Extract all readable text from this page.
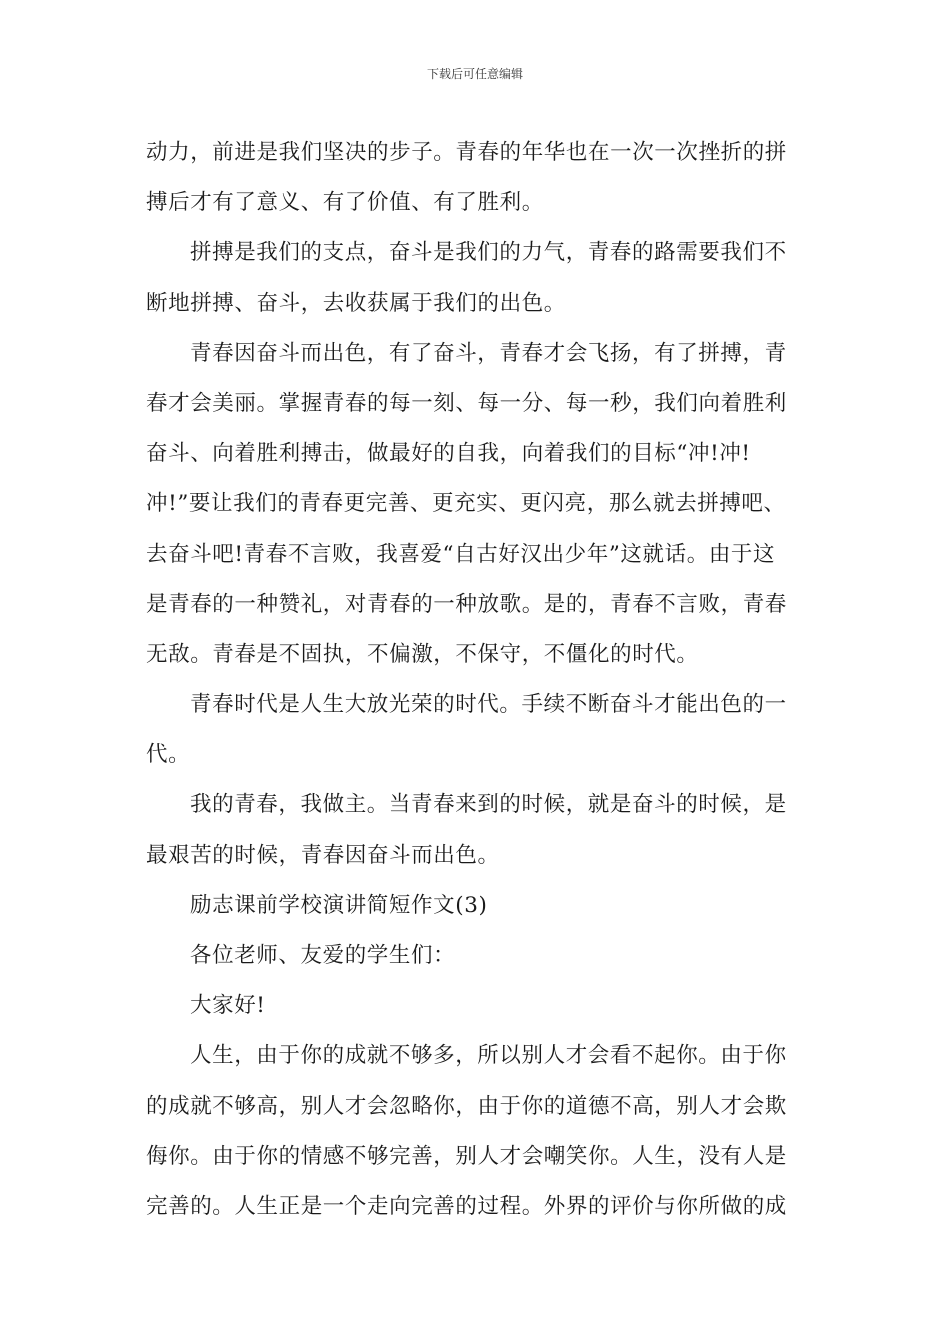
下载后可任意编辑

动力，前进是我们坚决的步子。青春的年华也在一次一次挫折的拼
搏后才有了意义、有了价值、有了胜利。

拼搏是我们的支点，奋斗是我们的力气，青春的路需要我们不
断地拼搏、奋斗，去收获属于我们的出色。

青春因奋斗而出色，有了奋斗，青春才会飞扬，有了拼搏，青
春才会美丽。掌握青春的每一刻、每一分、每一秒，我们向着胜利
奋斗、向着胜利搏击，做最好的自我，向着我们的目标“冲!冲!
冲!”要让我们的青春更完善、更充实、更闪亮，那么就去拼搏吧、
去奋斗吧!青春不言败，我喜爱“自古好汉出少年”这就话。由于这
是青春的一种赞礼，对青春的一种放歌。是的，青春不言败，青春
无敌。青春是不固执，不偏激，不保守，不僵化的时代。

青春时代是人生大放光荣的时代。手续不断奋斗才能出色的一
代。

我的青春，我做主。当青春来到的时候，就是奋斗的时候，是
最艰苦的时候，青春因奋斗而出色。

励志课前学校演讲简短作文(3)

各位老师、友爱的学生们：

大家好!

人生，由于你的成就不够多，所以别人才会看不起你。由于你
的成就不够高，别人才会忽略你，由于你的道德不高，别人才会欺
侮你。由于你的情感不够完善，别人才会嘲笑你。人生，没有人是
完善的。人生正是一个走向完善的过程。外界的评价与你所做的成
